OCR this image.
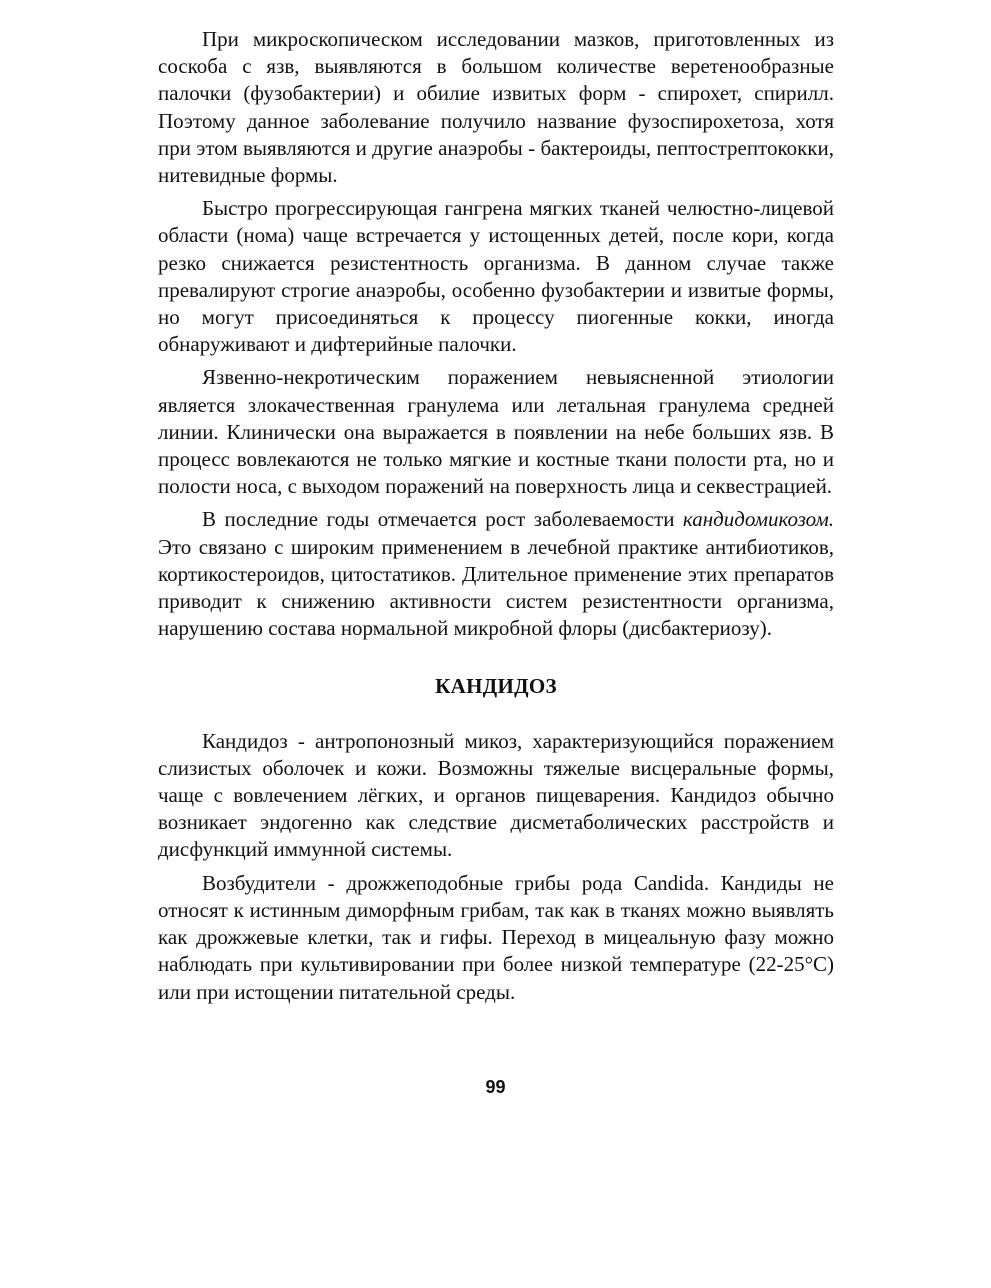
При микроскопическом исследовании мазков, приготовленных из соскоба с язв, выявляются в большом количестве веретенообразные палочки (фузобактерии) и обилие извитых форм - спирохет, спирилл. Поэтому данное заболевание получило название фузоспирохетоза, хотя при этом выявляются и другие анаэробы - бактероиды, пептострептококки, нитевидные формы.

Быстро прогрессирующая гангрена мягких тканей челюстно-лицевой области (нома) чаще встречается у истощенных детей, после кори, когда резко снижается резистентность организма. В данном случае также превалируют строгие анаэробы, особенно фузобактерии и извитые формы, но могут присоединяться к процессу пиогенные кокки, иногда обнаруживают и дифтерийные палочки.

Язвенно-некротическим поражением невыясненной этиологии является злокачественная гранулема или летальная гранулема средней линии. Клинически она выражается в появлении на небе больших язв. В процесс вовлекаются не только мягкие и костные ткани полости рта, но и полости носа, с выходом поражений на поверхность лица и секвестрацией.

В последние годы отмечается рост заболеваемости кандидомикозом. Это связано с широким применением в лечебной практике антибиотиков, кортикостероидов, цитостатиков. Длительное применение этих препаратов приводит к снижению активности систем резистентности организма, нарушению состава нормальной микробной флоры (дисбактериозу).

КАНДИДОЗ

Кандидоз - антропонозный микоз, характеризующийся поражением слизистых оболочек и кожи. Возможны тяжелые висцеральные формы, чаще с вовлечением лёгких, и органов пищеварения. Кандидоз обычно возникает эндогенно как следствие дисметаболических расстройств и дисфункций иммунной системы.

Возбудители - дрожжеподобные грибы рода Candida. Кандиды не относят к истинным диморфным грибам, так как в тканях можно выявлять как дрожжевые клетки, так и гифы. Переход в мицеальную фазу можно наблюдать при культивировании при более низкой температуре (22-25°C) или при истощении питательной среды.

99
